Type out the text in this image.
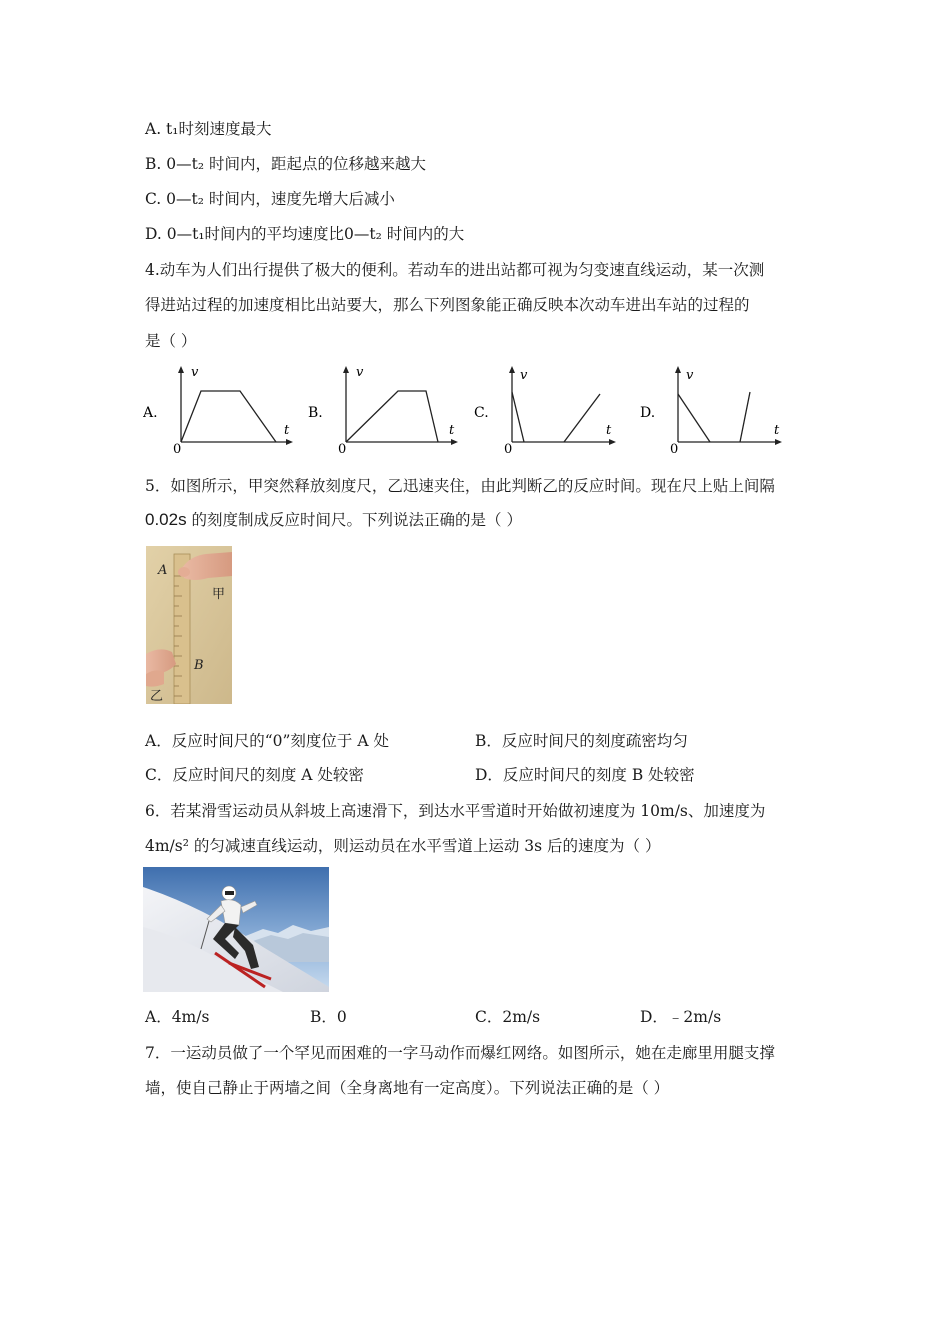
A. t₁时刻速度最大
B. 0—t₂ 时间内，距起点的位移越来越大
C. 0—t₂ 时间内，速度先增大后减小
D. 0—t₁时间内的平均速度比0—t₂ 时间内的大
4.动车为人们出行提供了极大的便利。若动车的进出站都可视为匀变速直线运动，某一次测
得进站过程的加速度相比出站要大，那么下列图象能正确反映本次动车进出车站的过程的
是（ ）
A.
v
t
0
B.
v
t
0
C.
v
t
0
D.
v
t
0
5．如图所示，甲突然释放刻度尺，乙迅速夹住，由此判断乙的反应时间。现在尺上贴上间隔
0.02s 的刻度制成反应时间尺。下列说法正确的是（ ）
A
B
甲
乙
A．反应时间尺的“0”刻度位于 A 处	B．反应时间尺的刻度疏密均匀
C．反应时间尺的刻度 A 处较密	D．反应时间尺的刻度 B 处较密
6．若某滑雪运动员从斜坡上高速滑下，到达水平雪道时开始做初速度为 10m/s、加速度为
4m/s² 的匀减速直线运动，则运动员在水平雪道上运动 3s 后的速度为（ ）
A．4m/s	B．0	C．2m/s	D．﹣2m/s
7．一运动员做了一个罕见而困难的一字马动作而爆红网络。如图所示，她在走廊里用腿支撑
墙，使自己静止于两墙之间（全身离地有一定高度）。下列说法正确的是（ ）
